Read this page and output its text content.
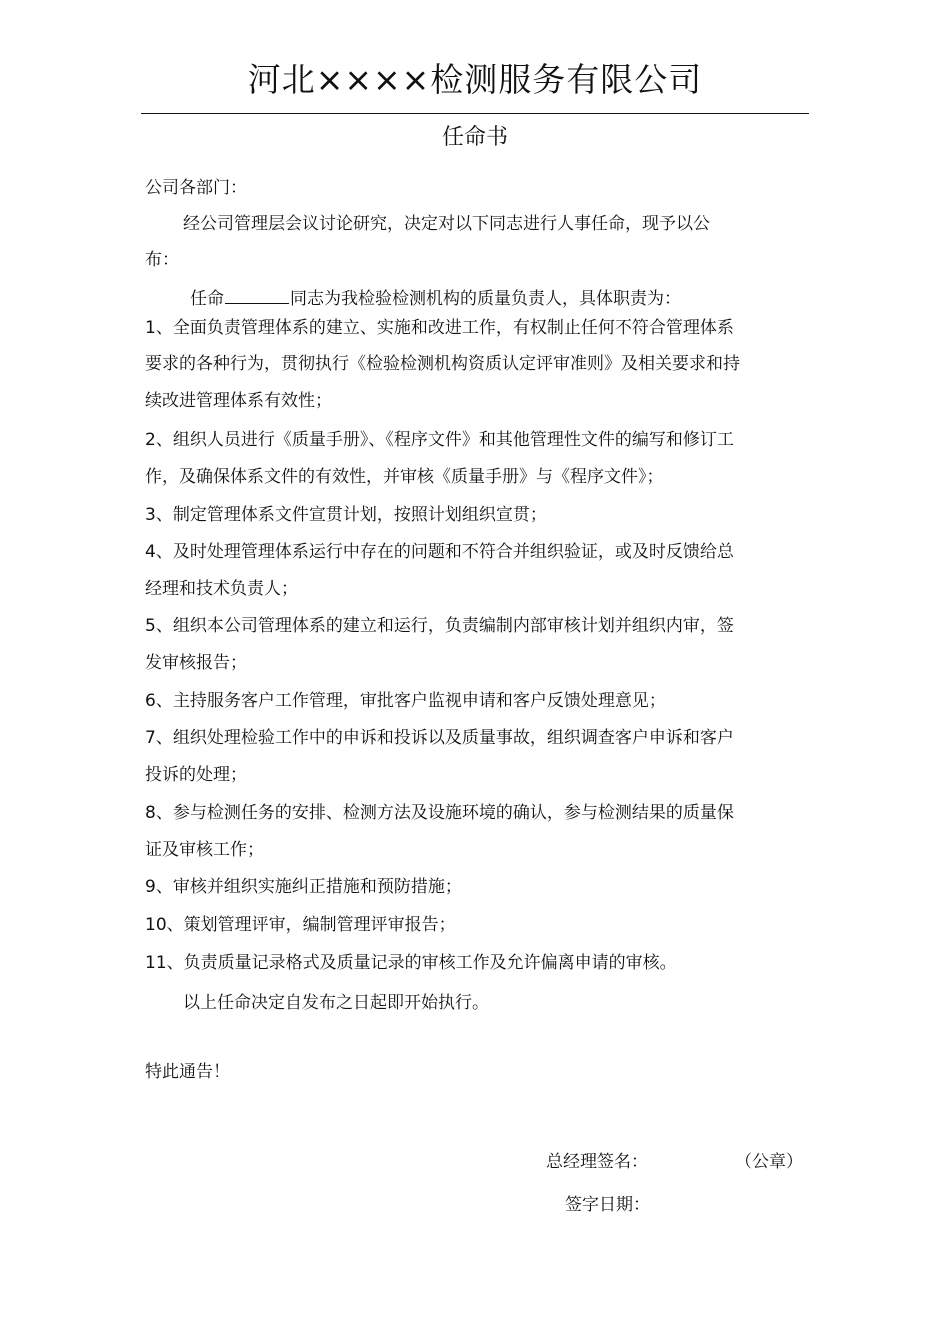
河北××××检测服务有限公司
任命书
公司各部门：
经公司管理层会议讨论研究，决定对以下同志进行人事任命，现予以公
布：
任命	同志为我检验检测机构的质量负责人，具体职责为：
1、全面负责管理体系的建立、实施和改进工作，有权制止任何不符合管理体系
要求的各种行为，贯彻执行《检验检测机构资质认定评审准则》及相关要求和持
续改进管理体系有效性；
2、组织人员进行《质量手册》、《程序文件》和其他管理性文件的编写和修订工
作，及确保体系文件的有效性，并审核《质量手册》与《程序文件》；
3、制定管理体系文件宣贯计划，按照计划组织宣贯；
4、及时处理管理体系运行中存在的问题和不符合并组织验证，或及时反馈给总
经理和技术负责人；
5、组织本公司管理体系的建立和运行，负责编制内部审核计划并组织内审，签
发审核报告；
6、主持服务客户工作管理，审批客户监视申请和客户反馈处理意见；
7、组织处理检验工作中的申诉和投诉以及质量事故，组织调查客户申诉和客户
投诉的处理；
8、参与检测任务的安排、检测方法及设施环境的确认，参与检测结果的质量保
证及审核工作；
9、审核并组织实施纠正措施和预防措施；
10、策划管理评审，编制管理评审报告；
11、负责质量记录格式及质量记录的审核工作及允许偏离申请的审核。
以上任命决定自发布之日起即开始执行。
特此通告！
总经理签名：	（公章）
签字日期：
